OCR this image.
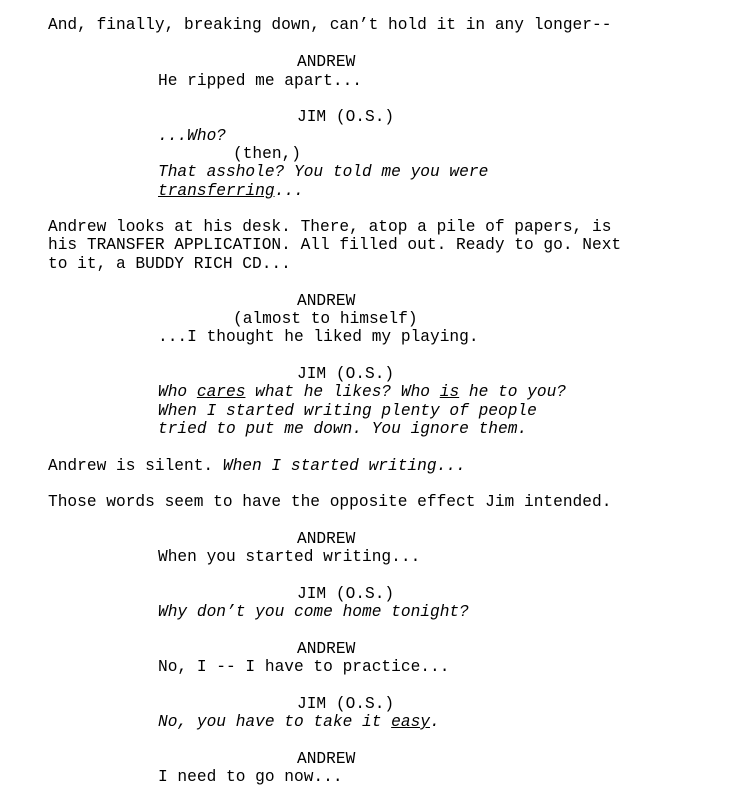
And, finally, breaking down, can’t hold it in any longer--
ANDREW
He ripped me apart...
JIM (O.S.)
...Who?
(then,)
That asshole? You told me you were
transferring...
Andrew looks at his desk. There, atop a pile of papers, is
his TRANSFER APPLICATION. All filled out. Ready to go. Next
to it, a BUDDY RICH CD...
ANDREW
(almost to himself)
...I thought he liked my playing.
JIM (O.S.)
Who cares what he likes? Who is he to you?
When I started writing plenty of people
tried to put me down. You ignore them.
Andrew is silent. When I started writing...
Those words seem to have the opposite effect Jim intended.
ANDREW
When you started writing...
JIM (O.S.)
Why don’t you come home tonight?
ANDREW
No, I -- I have to practice...
JIM (O.S.)
No, you have to take it easy.
ANDREW
I need to go now...
